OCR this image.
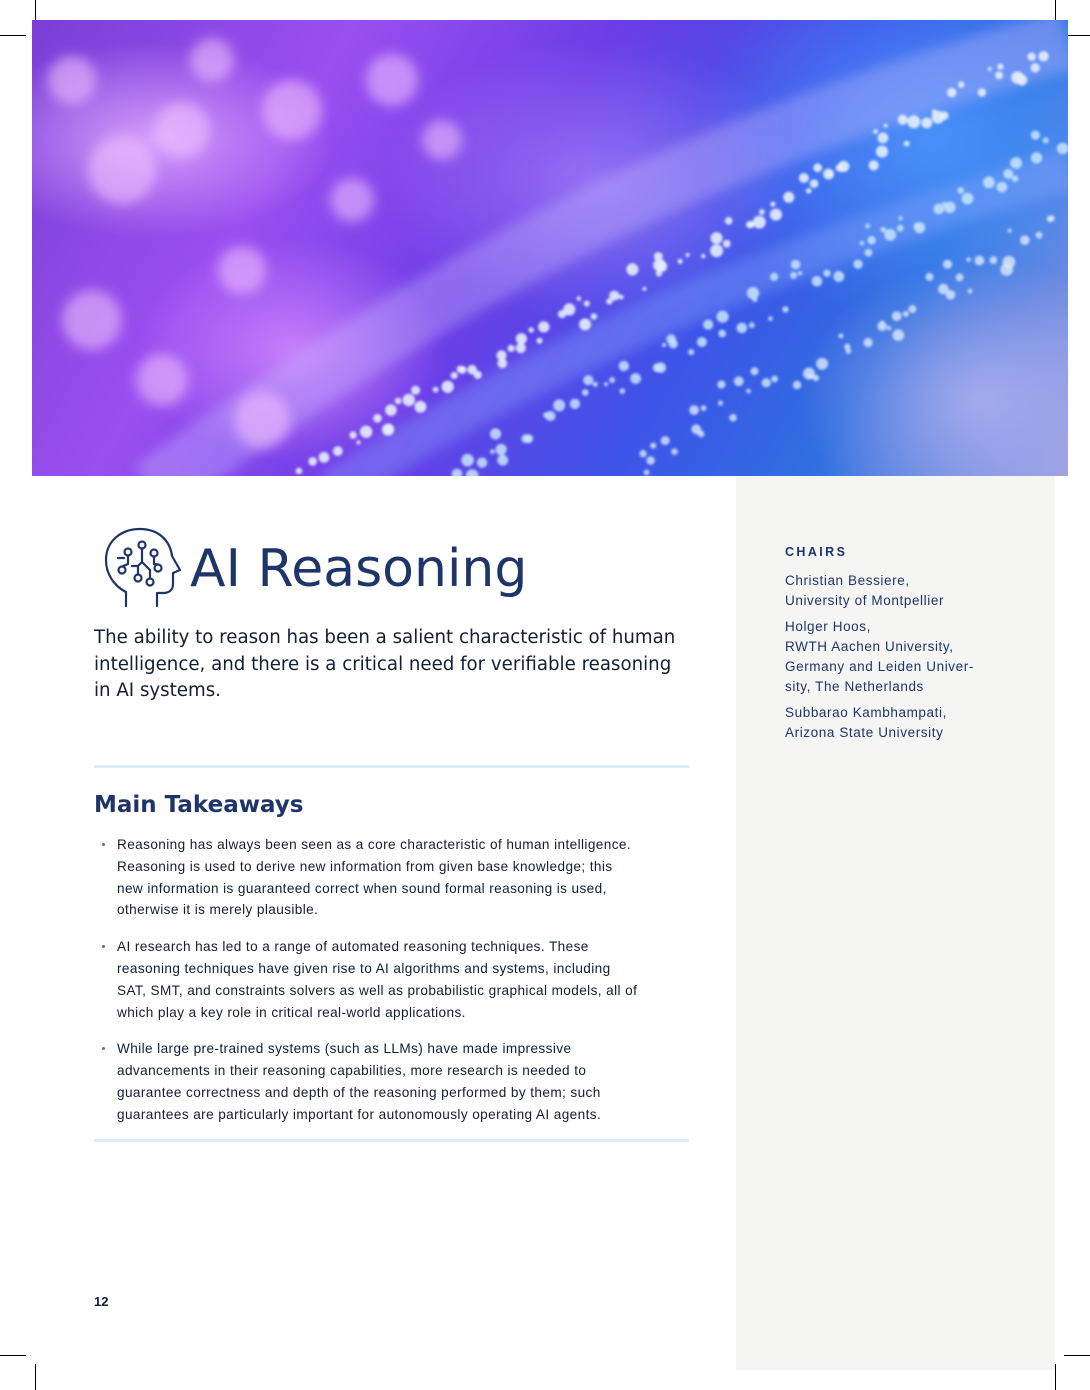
CHAIRS
Christian Bessiere,
University of Montpellier
Holger Hoos,
RWTH Aachen University,
Germany and Leiden Univer-
sity, The Netherlands
Subbarao Kambhampati,
Arizona State University
AI Reasoning

The ability to reason has been a salient characteristic of human
intelligence, and there is a critical need for verifiable reasoning
in AI systems.

Main Takeaways
Reasoning has always been seen as a core characteristic of human intelligence.
Reasoning is used to derive new information from given base knowledge; this
new information is guaranteed correct when sound formal reasoning is used,
otherwise it is merely plausible.
AI research has led to a range of automated reasoning techniques. These
reasoning techniques have given rise to AI algorithms and systems, including
SAT, SMT, and constraints solvers as well as probabilistic graphical models, all of
which play a key role in critical real-world applications.
While large pre-trained systems (such as LLMs) have made impressive
advancements in their reasoning capabilities, more research is needed to
guarantee correctness and depth of the reasoning performed by them; such
guarantees are particularly important for autonomously operating AI agents.
12
